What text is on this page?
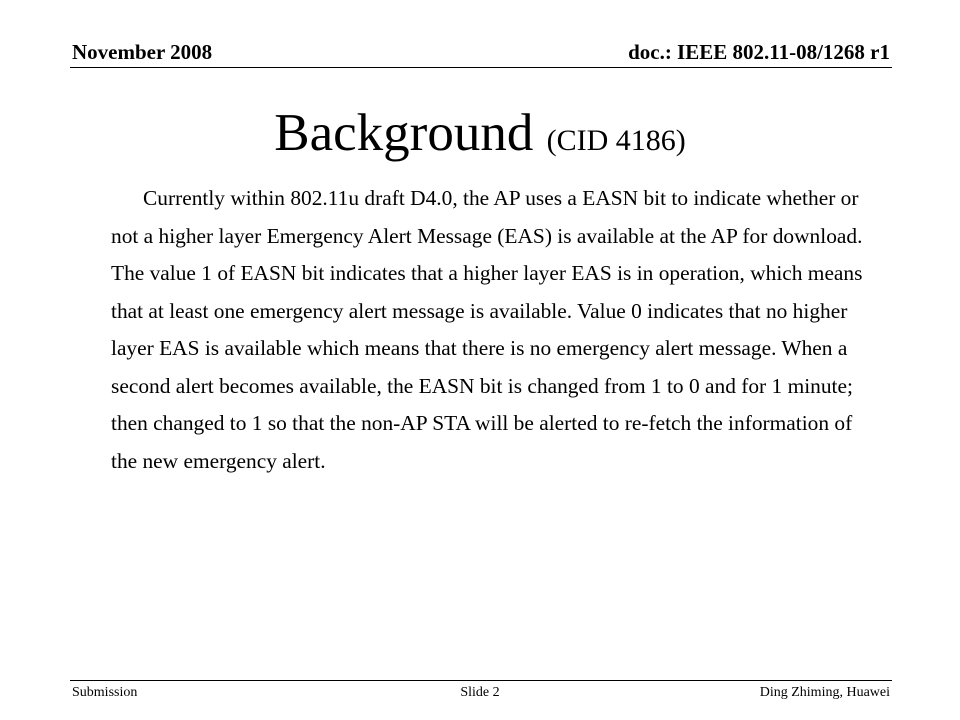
November 2008	doc.: IEEE 802.11-08/1268 r1
Background (CID 4186)
Currently within 802.11u draft D4.0, the AP uses a EASN bit to indicate whether or not a higher layer Emergency Alert Message (EAS) is available at the AP for download. The value 1 of EASN bit indicates that a higher layer EAS is in operation, which means that at least one emergency alert message is available. Value 0 indicates that no higher layer EAS is available which means that there is no emergency alert message. When a second alert becomes available, the EASN bit is changed from 1 to 0 and for 1 minute; then changed to 1 so that the non-AP STA will be alerted to re-fetch the information of the new emergency alert.
Submission	Slide 2	Ding Zhiming, Huawei
